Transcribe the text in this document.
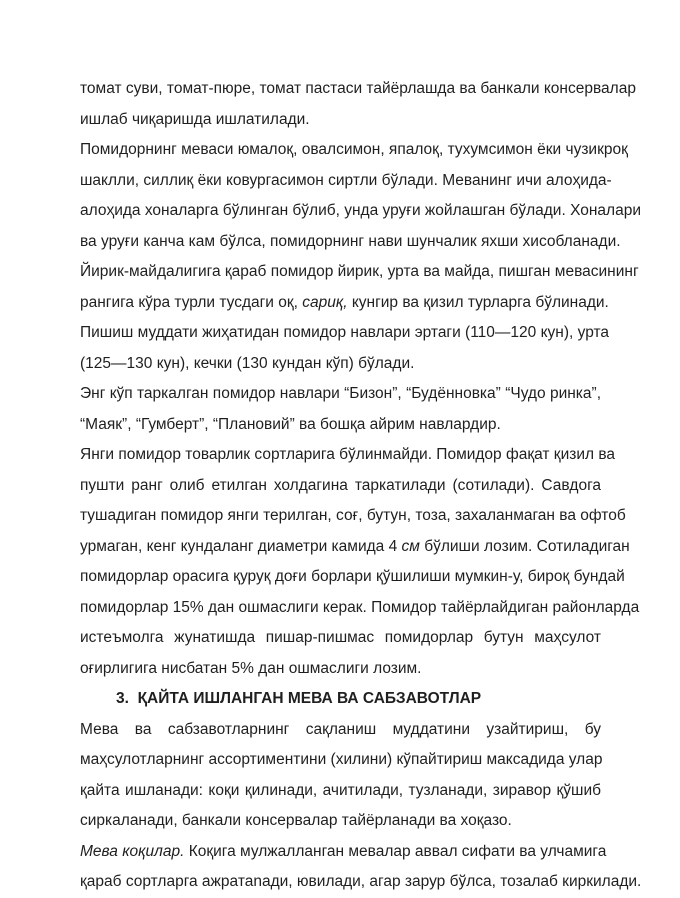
томат суви, томат-пюре, томат пастаси тайёрлашда ва банкали консервалар
ишлаб чиқаришда ишлатилади.
Помидорнинг меваси юмалоқ, овалсимон, япалоқ, тухумсимон ёки чузикроқ
шаклли, силлиқ ёки ковургасимон сиртли бўлади. Меванинг ичи алоҳида-
алоҳида хоналарга бўлинган бўлиб, унда уруғи жойлашган бўлади. Хоналари
ва уруғи канча кам бўлса, помидорнинг нави шунчалик яхши хисобланади.
Йирик-майдалигига қараб помидор йирик, урта ва майда, пишган мевасининг
рангига кўра турли тусдаги оқ, сариқ, кунгир ва қизил турларга бўлинади.
Пишиш муддати жиҳатидан помидор навлари эртаги (110—120 кун), урта
(125—130 кун), кечки (130 кундан кўп) бўлади.
Энг кўп таркалган помидор навлари “Бизон”, “Будённовка” “Чудо ринка”,
“Маяк”, “Гумберт”, “Плановий” ва бошқа айрим навлардир.
Янги помидор товарлик сортларига бўлинмайди. Помидор фақат қизил ва
пушти ранг олиб етилган холдагина таркатилади (сотилади). Савдога
тушадиган помидор янги терилган, соғ, бутун, тоза, захаланмаган ва офтоб
урмаган, кенг кундаланг диаметри камида 4 см бўлиши лозим. Сотиладиган
помидорлар орасига қуруқ доғи борлари қўшилиши мумкин-у, бироқ бундай
помидорлар 15% дан ошмаслиги керак. Помидор тайёрлайдиган районларда
истеъмолга жунатишда пишар-пишмас помидорлар бутун маҳсулот
оғирлигига нисбатан 5% дан ошмаслиги лозим.
3. ҚАЙТА ИШЛАНГАН МЕВА ВА САБЗАВОТЛАР
Мева ва сабзавотларнинг сақланиш муддатини узайтириш, бу
маҳсулотларнинг ассортиментини (хилини) кўпайтириш максадида улар
қайта ишланади: коқи қилинади, ачитилади, тузланади, зиравор қўшиб
сиркаланади, банкали консервалар тайёрланади ва хоқазо.
Мева коқилар. Коқига мулжалланган мевалар аввал сифати ва улчамига
қараб сортларга ажратаnади, ювилади, агар зарур бўлса, тозалаб киркилади.
